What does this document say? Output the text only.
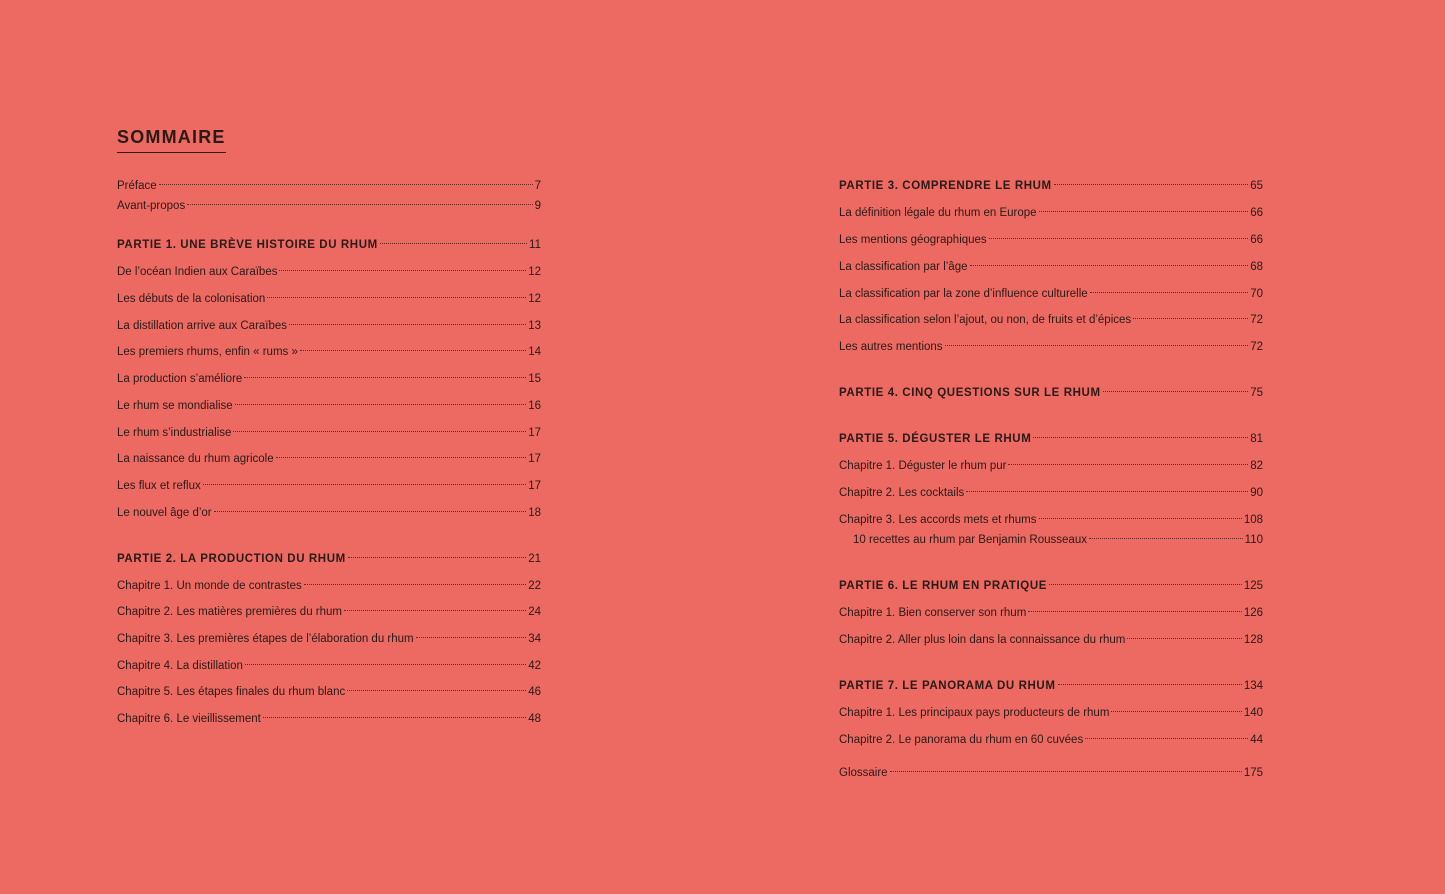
SOMMAIRE
Préface	7
Avant-propos	9
PARTIE 1. UNE BRÈVE HISTOIRE DU RHUM	11
De l’océan Indien aux Caraïbes	12
Les débuts de la colonisation	12
La distillation arrive aux Caraïbes	13
Les premiers rhums, enfin « rums »	14
La production s’améliore	15
Le rhum se mondialise	16
Le rhum s’industrialise	17
La naissance du rhum agricole	17
Les flux et reflux	17
Le nouvel âge d’or	18
PARTIE 2. LA PRODUCTION DU RHUM	21
Chapitre 1. Un monde de contrastes	22
Chapitre 2. Les matières premières du rhum	24
Chapitre 3. Les premières étapes de l’élaboration du rhum	34
Chapitre 4. La distillation	42
Chapitre 5. Les étapes finales du rhum blanc	46
Chapitre 6. Le vieillissement	48
PARTIE 3. COMPRENDRE LE RHUM	65
La définition légale du rhum en Europe	66
Les mentions géographiques	66
La classification par l’âge	68
La classification par la zone d’influence culturelle	70
La classification selon l’ajout, ou non, de fruits et d’épices	72
Les autres mentions	72
PARTIE 4. CINQ QUESTIONS SUR LE RHUM	75
PARTIE 5. DÉGUSTER LE RHUM	81
Chapitre 1. Déguster le rhum pur	82
Chapitre 2. Les cocktails	90
Chapitre 3. Les accords mets et rhums	108
10 recettes au rhum par Benjamin Rousseaux	110
PARTIE 6. LE RHUM EN PRATIQUE	125
Chapitre 1. Bien conserver son rhum	126
Chapitre 2. Aller plus loin dans la connaissance du rhum	128
PARTIE 7. LE PANORAMA DU RHUM	134
Chapitre 1. Les principaux pays producteurs de rhum	140
Chapitre 2. Le panorama du rhum en 60 cuvées	44
Glossaire	175
